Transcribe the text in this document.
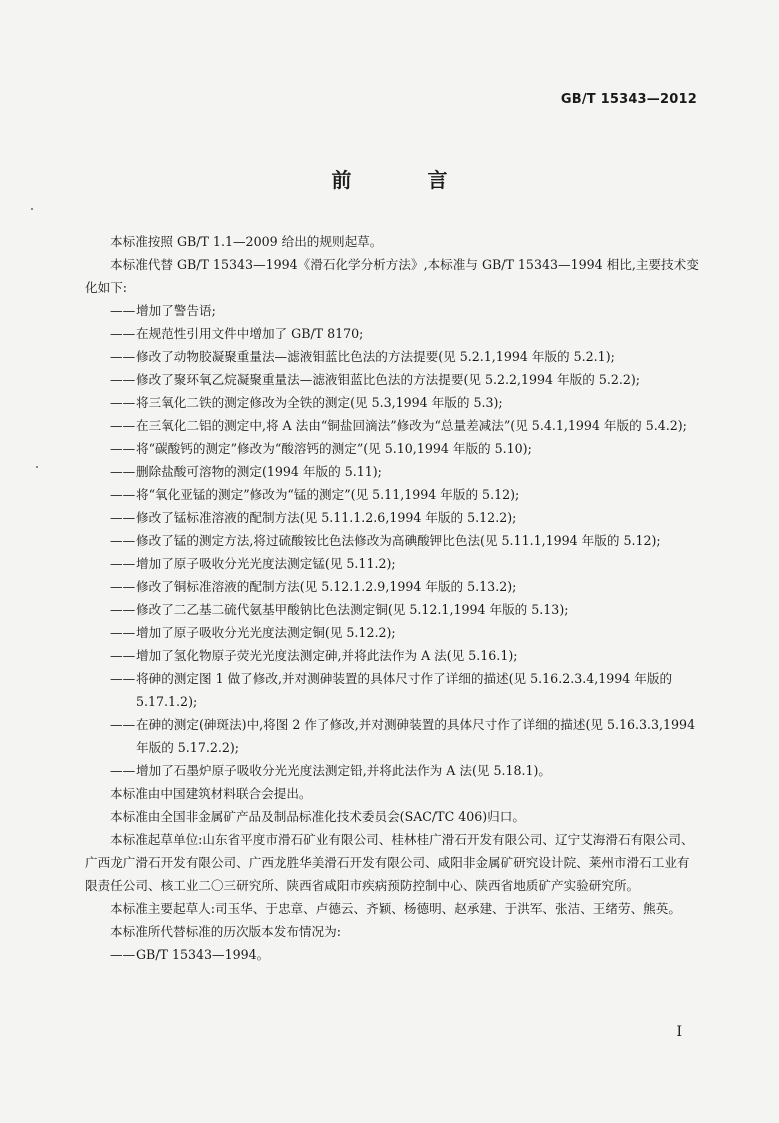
GB/T 15343—2012
前　言

本标准按照 GB/T 1.1—2009 给出的规则起草。

本标准代替 GB/T 15343—1994《滑石化学分析方法》,本标准与 GB/T 15343—1994 相比,主要技术变化如下:

—— 增加了警告语;

—— 在规范性引用文件中增加了 GB/T 8170;

—— 修改了动物胶凝聚重量法—滤液钼蓝比色法的方法提要(见 5.2.1,1994 年版的 5.2.1);

—— 修改了聚环氧乙烷凝聚重量法—滤液钼蓝比色法的方法提要(见 5.2.2,1994 年版的 5.2.2);

—— 将三氧化二铁的测定修改为全铁的测定(见 5.3,1994 年版的 5.3);

—— 在三氧化二铝的测定中,将 A 法由“铜盐回滴法”修改为“总量差减法”(见 5.4.1,1994 年版的 5.4.2);

—— 将“碳酸钙的测定”修改为“酸溶钙的测定”(见 5.10,1994 年版的 5.10);

—— 删除盐酸可溶物的测定(1994 年版的 5.11);

—— 将“氧化亚锰的测定”修改为“锰的测定”(见 5.11,1994 年版的 5.12);

—— 修改了锰标准溶液的配制方法(见 5.11.1.2.6,1994 年版的 5.12.2);

—— 修改了锰的测定方法,将过硫酸铵比色法修改为高碘酸钾比色法(见 5.11.1,1994 年版的 5.12);

—— 增加了原子吸收分光光度法测定锰(见 5.11.2);

—— 修改了铜标准溶液的配制方法(见 5.12.1.2.9,1994 年版的 5.13.2);

—— 修改了二乙基二硫代氨基甲酸钠比色法测定铜(见 5.12.1,1994 年版的 5.13);

—— 增加了原子吸收分光光度法测定铜(见 5.12.2);

—— 增加了氢化物原子荧光光度法测定砷,并将此法作为 A 法(见 5.16.1);

—— 将砷的测定图 1 做了修改,并对测砷装置的具体尺寸作了详细的描述(见 5.16.2.3.4,1994 年版的 5.17.1.2);

—— 在砷的测定(砷斑法)中,将图 2 作了修改,并对测砷装置的具体尺寸作了详细的描述(见 5.16.3.3,1994 年版的 5.17.2.2);

—— 增加了石墨炉原子吸收分光光度法测定铅,并将此法作为 A 法(见 5.18.1)。

本标准由中国建筑材料联合会提出。

本标准由全国非金属矿产品及制品标准化技术委员会(SAC/TC 406)归口。

本标准起草单位:山东省平度市滑石矿业有限公司、桂林桂广滑石开发有限公司、辽宁艾海滑石有限公司、广西龙广滑石开发有限公司、广西龙胜华美滑石开发有限公司、咸阳非金属矿研究设计院、莱州市滑石工业有限责任公司、核工业二〇三研究所、陕西省咸阳市疾病预防控制中心、陕西省地质矿产实验研究所。

本标准主要起草人:司玉华、于忠章、卢德云、齐颖、杨德明、赵承建、于洪军、张洁、王绪劳、熊英。

本标准所代替标准的历次版本发布情况为:

—— GB/T 15343—1994。

I
